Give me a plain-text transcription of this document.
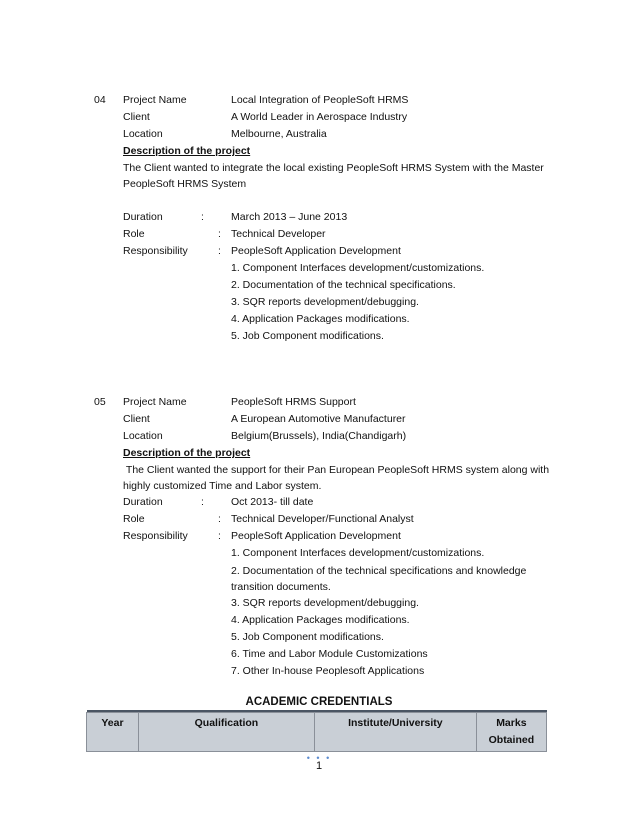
04 Project Name	Local Integration of PeopleSoft HRMS
Client	A World Leader in Aerospace Industry
Location	Melbourne, Australia
Description of the project
The Client wanted to integrate the local existing PeopleSoft HRMS System with the Master PeopleSoft HRMS System
Duration	:	March 2013 – June 2013
Role	: Technical Developer
Responsibility	: PeopleSoft Application Development
1. Component Interfaces development/customizations.
2. Documentation of the technical specifications.
3. SQR reports development/debugging.
4. Application Packages modifications.
5. Job Component modifications.
05 Project Name	PeopleSoft HRMS Support
Client	A European Automotive Manufacturer
Location	Belgium(Brussels), India(Chandigarh)
Description of the project
The Client wanted the support for their Pan European PeopleSoft HRMS system along with highly customized Time and Labor system.
Duration	:	Oct 2013- till date
Role	: Technical Developer/Functional Analyst
Responsibility	: PeopleSoft Application Development
1. Component Interfaces development/customizations.
2. Documentation of the technical specifications and knowledge transition documents.
3. SQR reports development/debugging.
4. Application Packages modifications.
5. Job Component modifications.
6. Time and Labor Module Customizations
7. Other In-house Peoplesoft Applications
ACADEMIC CREDENTIALS

Year	Qualification	Institute/University	Marks Obtained
• • •
1
